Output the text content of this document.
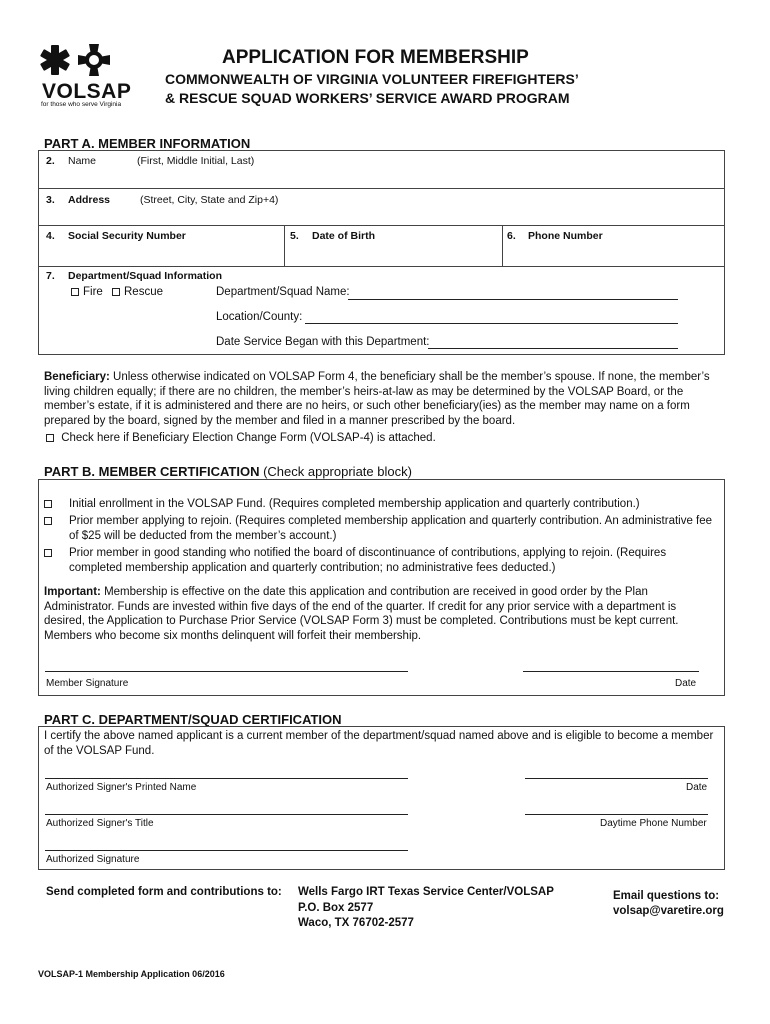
VOLSAP
for those who serve Virginia
APPLICATION FOR MEMBERSHIP
COMMONWEALTH OF VIRGINIA VOLUNTEER FIREFIGHTERS’
& RESCUE SQUAD WORKERS’ SERVICE AWARD PROGRAM
PART A. MEMBER INFORMATION
2. Name	(First, Middle Initial, Last)
3. Address	(Street, City, State and Zip+4)
4. Social Security Number	5. Date of Birth	6. Phone Number
7. Department/Squad Information
Fire	Rescue	Department/Squad Name:
Location/County:
Date Service Began with this Department:
Beneficiary: Unless otherwise indicated on VOLSAP Form 4, the beneficiary shall be the member’s spouse. If none, the member’s living children equally; if there are no children, the member’s heirs-at-law as may be determined by the VOLSAP Board, or the member’s estate, if it is administered and there are no heirs, or such other beneficiary(ies) as the member may name on a form prepared by the board, signed by the member and filed in a manner prescribed by the board.
Check here if Beneficiary Election Change Form (VOLSAP-4) is attached.
PART B. MEMBER CERTIFICATION (Check appropriate block)
Initial enrollment in the VOLSAP Fund. (Requires completed membership application and quarterly contribution.)
Prior member applying to rejoin. (Requires completed membership application and quarterly contribution. An administrative fee of $25 will be deducted from the member’s account.)
Prior member in good standing who notified the board of discontinuance of contributions, applying to rejoin. (Requires completed membership application and quarterly contribution; no administrative fees deducted.)
Important: Membership is effective on the date this application and contribution are received in good order by the Plan Administrator. Funds are invested within five days of the end of the quarter. If credit for any prior service with a department is desired, the Application to Purchase Prior Service (VOLSAP Form 3) must be completed. Contributions must be kept current. Members who become six months delinquent will forfeit their membership.
Member Signature	Date
PART C. DEPARTMENT/SQUAD CERTIFICATION
I certify the above named applicant is a current member of the department/squad named above and is eligible to become a member of the VOLSAP Fund.
Authorized Signer's Printed Name	Date
Authorized Signer's Title	Daytime Phone Number
Authorized Signature
Send completed form and contributions to: Wells Fargo IRT Texas Service Center/VOLSAP
P.O. Box 2577
Waco, TX 76702-2577
Email questions to:
volsap@varetire.org
VOLSAP-1 Membership Application 06/2016
